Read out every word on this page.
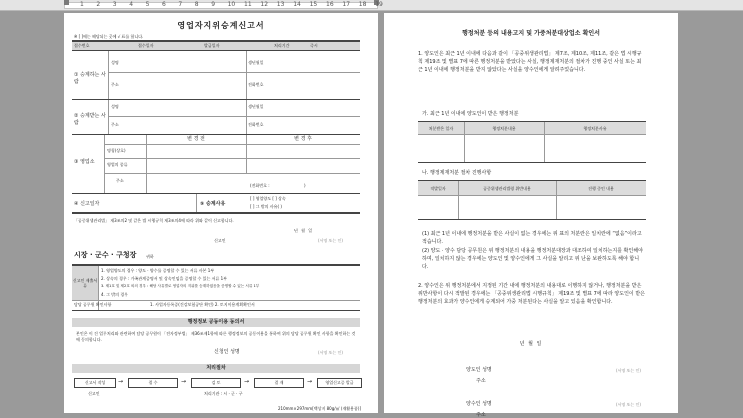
1 2 3 4 5 6 7 8 9 10 11 12 13 14 15 16 17 18 19
영업자지위승계신고서
※ [ ]에는 해당되는 곳에 √ 표를 합니다.
접수번호	접수일자	발급일자	처리기간	즉시
① 승계하는 사람
성명	생년월일
주소	전화번호
② 승계받는 사람
성명	생년월일
주소	전화번호
③ 영업소
변 경 전	변 경 후
명칭(상호)
영업의 종류
주소
(전화번호 :	)
④ 신고일자	⑤ 승계사유
[ ] 영업양도 [ ] 상속
[ ] 그 밖의 사유( )
「공중위생관리법」 제3조의2 및 같은 법 시행규칙 제3조의4에 따라 위와 같이 신고합니다.
년 월 일
신고인	(서명 또는 인)
시장 · 군수 · 구청장 귀하
신고인 제출서류
1. 영업양도의 경우 : 양도 · 양수를 증명할 수 있는 서류 사본 1부
2. 상속의 경우 : 가족관계증명서 및 상속인임을 증명할 수 있는 서류 1부
3. 제1호 및 제2호 외의 경우 : 해당 사유별로 영업자의 지위를 승계하였음을 증명할 수 있는 서류 1부
4. 그 밖의 경우
담당 공무원 확인사항	1. 사업자등록증(건강보험공단 확인) 2. 토지이용계획확인서
행정정보 공동이용 동의서
본인은 이 건 업무처리와 관련하여 담당 공무원이 「전자정부법」 제36조제1항에 따른 행정정보의 공동이용을 통하여 위의 담당 공무원 확인 사항을 확인하는 것에 동의합니다.
신청인 성명	(서명 또는 인)
처리절차
신고서 작성	→	접 수	→	검 토	→	결 재	→	영업신고증 발급
신고인	처리기관 : 시 · 군 · 구
210mm×297mm[백상지 80g/㎡ (재활용품)]
행정처분 등의 내용고지 및 가중처분대상업소 확인서
1. 양도인은 최근 1년 이내에 다음과 같이 「공중위생관리법」 제7조, 제10조, 제11조, 같은 법 시행규칙 제19조 및 별표 7에 따른 행정처분을 받았다는 사실, 행정제재처분의 절차가 진행 중인 사실 또는 최근 1년 이내에 행정처분을 받지 않았다는 사실을 양수인에게 알려주었습니다.
가. 최근 1년 이내에 양도인이 받은 행정처분
처분받은 일자	행정처분내용	행정처분사유
나. 행정제재처분 절차 진행사항
적발일자	공중위생관리법령 위반내용	진행 중인 내용
(1) 최근 1년 이내에 행정처분을 받은 사실이 없는 경우에는 위 표의 처분란은 일치란에 “없음”이라고 적습니다.
(2) 양도 · 양수 담당 공무원은 위 행정처분의 내용을 행정처분대장과 대조하여 일치하는지를 확인해야 하며, 일치하지 않는 경우에는 양도인 및 양수인에게 그 사실을 알리고 위 난을 보완하도록 해야 합니다.
2. 양수인은 위 행정처분에서 지정된 기간 내에 행정처분의 내용대로 이행하지 않거나, 행정처분을 받은 위반사항이 다시 적발된 경우에는 「공중위생관리법 시행규칙」 제19조 및 별표 7에 따라 양도인이 받은 행정처분의 효과가 양수인에게 승계되어 가중 처분된다는 사실을 알고 있음을 확인합니다.
년 월 일
양도인 성명	(서명 또는 인)
주소
양수인 성명	(서명 또는 인)
주소
